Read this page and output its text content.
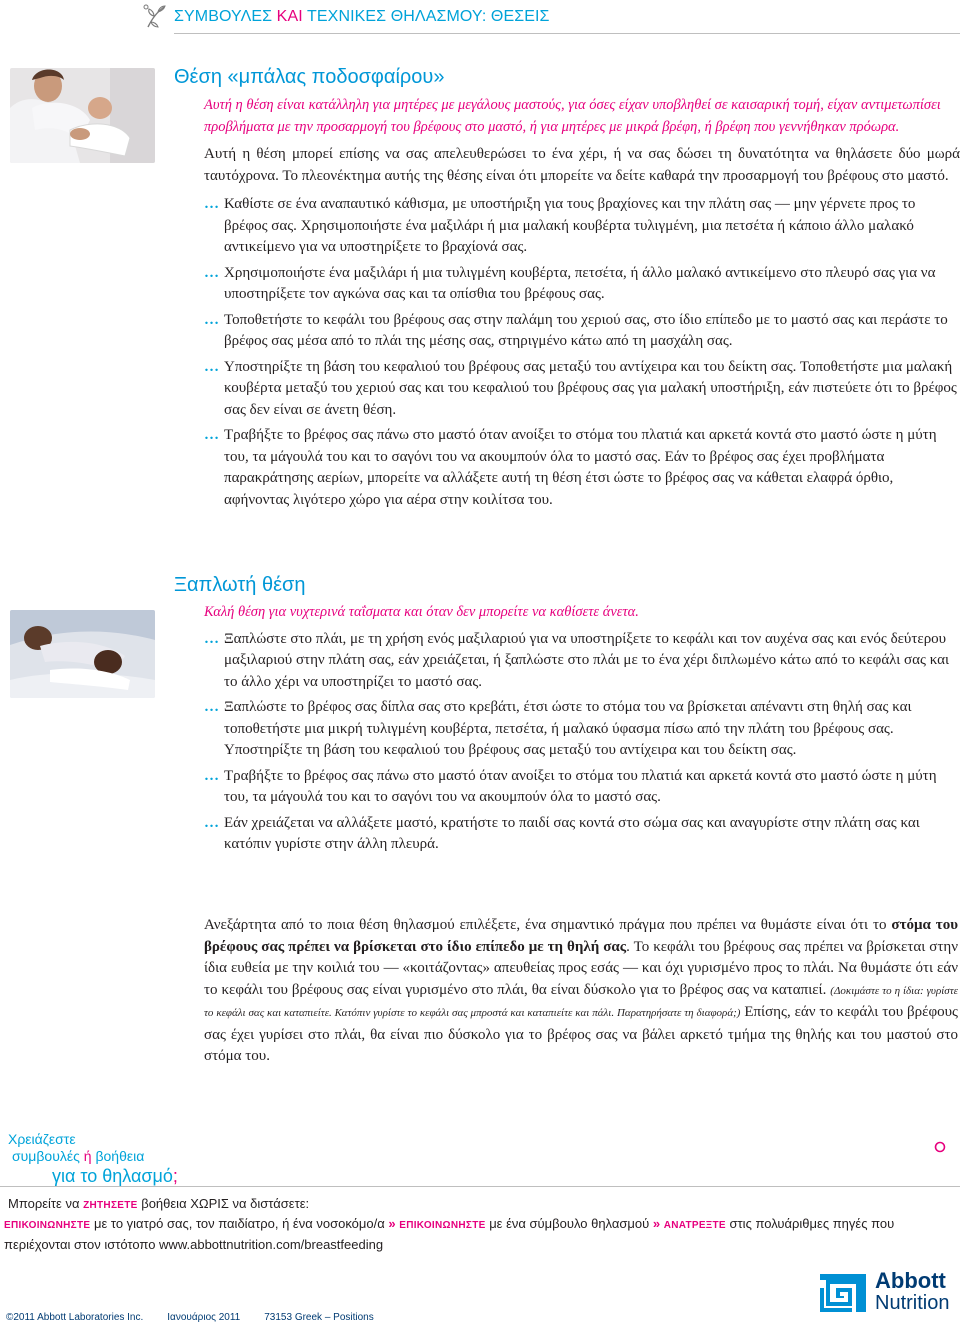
ΣΥΜΒΟΥΛΕΣ ΚΑΙ ΤΕΧΝΙΚΕΣ ΘΗΛΑΣΜΟΥ: ΘΕΣΕΙΣ
Θέση «μπάλας ποδοσφαίρου»
Αυτή η θέση είναι κατάλληλη για μητέρες με μεγάλους μαστούς, για όσες είχαν υποβληθεί σε καισαρική τομή, είχαν αντιμετωπίσει προβλήματα με την προσαρμογή του βρέφους στο μαστό, ή για μητέρες με μικρά βρέφη, ή βρέφη που γεννήθηκαν πρόωρα.
Αυτή η θέση μπορεί επίσης να σας απελευθερώσει το ένα χέρι, ή να σας δώσει τη δυνατότητα να θηλάσετε δύο μωρά ταυτόχρονα. Το πλεονέκτημα αυτής της θέσης είναι ότι μπορείτε να δείτε καθαρά την προσαρμογή του βρέφους στο μαστό.
… Καθίστε σε ένα αναπαυτικό κάθισμα, με υποστήριξη για τους βραχίονες και την πλάτη σας — μην γέρνετε προς το βρέφος σας. Χρησιμοποιήστε ένα μαξιλάρι ή μια μαλακή κουβέρτα τυλιγμένη, μια πετσέτα ή κάποιο άλλο μαλακό αντικείμενο για να υποστηρίξετε το βραχίονά σας.
… Χρησιμοποιήστε ένα μαξιλάρι ή μια τυλιγμένη κουβέρτα, πετσέτα, ή άλλο μαλακό αντικείμενο στο πλευρό σας για να υποστηρίξετε τον αγκώνα σας και τα οπίσθια του βρέφους σας.
… Τοποθετήστε το κεφάλι του βρέφους σας στην παλάμη του χεριού σας, στο ίδιο επίπεδο με το μαστό σας και περάστε το βρέφος σας μέσα από το πλάι της μέσης σας, στηριγμένο κάτω από τη μασχάλη σας.
… Υποστηρίξτε τη βάση του κεφαλιού του βρέφους σας μεταξύ του αντίχειρα και του δείκτη σας. Τοποθετήστε μια μαλακή κουβέρτα μεταξύ του χεριού σας και του κεφαλιού του βρέφους σας για μαλακή υποστήριξη, εάν πιστεύετε ότι το βρέφος σας δεν είναι σε άνετη θέση.
… Τραβήξτε το βρέφος σας πάνω στο μαστό όταν ανοίξει το στόμα του πλατιά και αρκετά κοντά στο μαστό ώστε η μύτη του, τα μάγουλά του και το σαγόνι του να ακουμπούν όλα το μαστό σας. Εάν το βρέφος σας έχει προβλήματα παρακράτησης αερίων, μπορείτε να αλλάξετε αυτή τη θέση έτσι ώστε το βρέφος σας να κάθεται ελαφρά όρθιο, αφήνοντας λιγότερο χώρο για αέρα στην κοιλίτσα του.
Ξαπλωτή θέση
Καλή θέση για νυχτερινά ταΐσματα και όταν δεν μπορείτε να καθίσετε άνετα.
… Ξαπλώστε στο πλάι, με τη χρήση ενός μαξιλαριού για να υποστηρίξετε το κεφάλι και τον αυχένα σας και ενός δεύτερου μαξιλαριού στην πλάτη σας, εάν χρειάζεται, ή ξαπλώστε στο πλάι με το ένα χέρι διπλωμένο κάτω από το κεφάλι σας και το άλλο χέρι να υποστηρίζει το μαστό σας.
… Ξαπλώστε το βρέφος σας δίπλα σας στο κρεβάτι, έτσι ώστε το στόμα του να βρίσκεται απέναντι στη θηλή σας και τοποθετήστε μια μικρή τυλιγμένη κουβέρτα, πετσέτα, ή μαλακό ύφασμα πίσω από την πλάτη του βρέφους σας. Υποστηρίξτε τη βάση του κεφαλιού του βρέφους σας μεταξύ του αντίχειρα και του δείκτη σας.
… Τραβήξτε το βρέφος σας πάνω στο μαστό όταν ανοίξει το στόμα του πλατιά και αρκετά κοντά στο μαστό ώστε η μύτη του, τα μάγουλά του και το σαγόνι του να ακουμπούν όλα το μαστό σας.
… Εάν χρειάζεται να αλλάξετε μαστό, κρατήστε το παιδί σας κοντά στο σώμα σας και αναγυρίστε στην πλάτη σας και κατόπιν γυρίστε στην άλλη πλευρά.
Ανεξάρτητα από το ποια θέση θηλασμού επιλέξετε, ένα σημαντικό πράγμα που πρέπει να θυμάστε είναι ότι το στόμα του βρέφους σας πρέπει να βρίσκεται στο ίδιο επίπεδο με τη θηλή σας. Το κεφάλι του βρέφους σας πρέπει να βρίσκεται στην ίδια ευθεία με την κοιλιά του — «κοιτάζοντας» απευθείας προς εσάς — και όχι γυρισμένο προς το πλάι. Να θυμάστε ότι εάν το κεφάλι του βρέφους σας είναι γυρισμένο στο πλάι, θα είναι δύσκολο για το βρέφος σας να καταπιεί. (Δοκιμάστε το η ίδια: γυρίστε το κεφάλι σας και καταπιείτε. Κατόπιν γυρίστε το κεφάλι σας μπροστά και καταπιείτε και πάλι. Παρατηρήσατε τη διαφορά;) Επίσης, εάν το κεφάλι του βρέφους σας έχει γυρίσει στο πλάι, θα είναι πιο δύσκολο για το βρέφος σας να βάλει αρκετό τμήμα της θηλής και του μαστού στο στόμα του.
Χρειάζεστε
συμβουλές ή βοήθεια
για το θηλασμό;
Μπορείτε να ΖΗΤΗΣΕΤΕ βοήθεια ΧΩΡΙΣ να διστάσετε:
ΕΠΙΚΟΙΝΩΝΗΣΤΕ με το γιατρό σας, τον παιδίατρο, ή ένα νοσοκόμο/α » ΕΠΙΚΟΙΝΩΝΗΣΤΕ με ένα σύμβουλο θηλασμού » ΑΝΑΤΡΕΞΤΕ στις πολυάριθμες πηγές που περιέχονται στον ιστότοπο www.abbottnutrition.com/breastfeeding
Abbott
Nutrition
©2011 Abbott Laboratories Inc. Ιανουάριος 2011 73153 Greek – Positions
